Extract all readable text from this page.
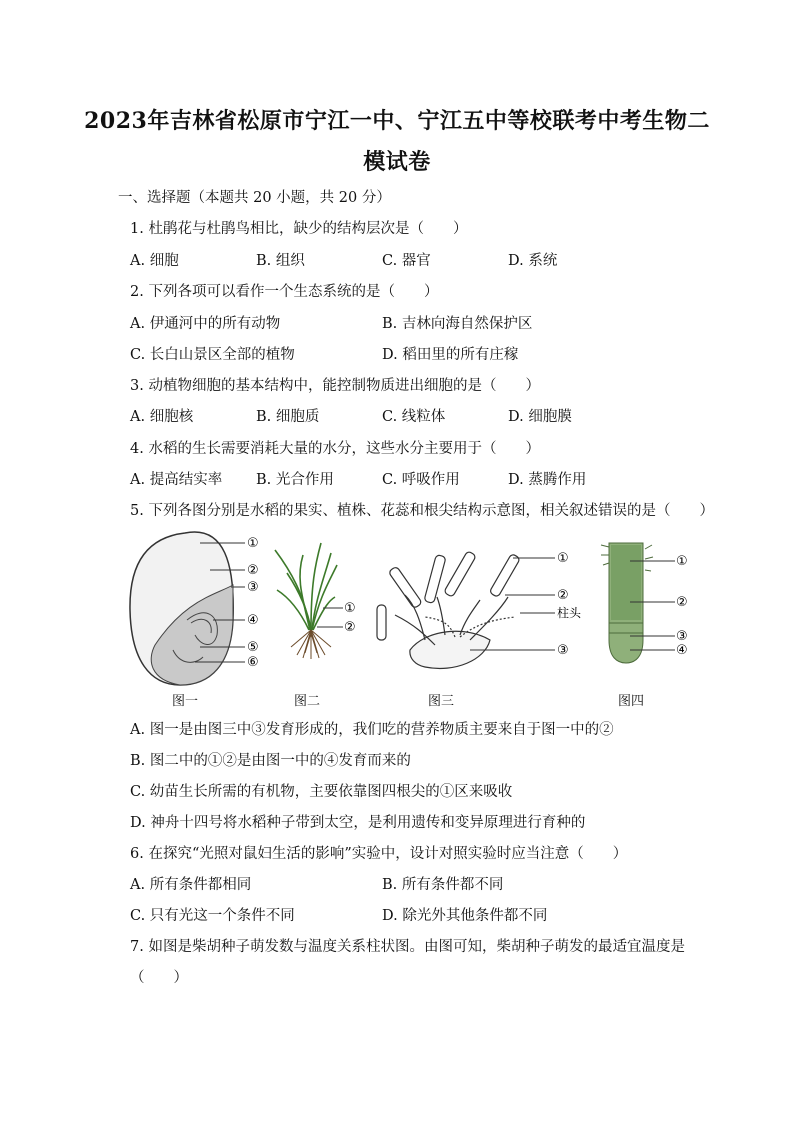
2023年吉林省松原市宁江一中、宁江五中等校联考中考生物二
模试卷
一、选择题（本题共 20 小题，共 20 分）
1. 杜鹃花与杜鹃鸟相比，缺少的结构层次是（　　）
A. 细胞	B. 组织	C. 器官	D. 系统
2. 下列各项可以看作一个生态系统的是（　　）
A. 伊通河中的所有动物	B. 吉林向海自然保护区
C. 长白山景区全部的植物	D. 稻田里的所有庄稼
3. 动植物细胞的基本结构中，能控制物质进出细胞的是（　　）
A. 细胞核	B. 细胞质	C. 线粒体	D. 细胞膜
4. 水稻的生长需要消耗大量的水分，这些水分主要用于（　　）
A. 提高结实率 B. 光合作用	C. 呼吸作用	D. 蒸腾作用
5. 下列各图分别是水稻的果实、植株、花蕊和根尖结构示意图，相关叙述错误的是（　　）
①
②
③
④
⑤
⑥
①
②
①
②
柱头
③
①
②
③
④
图一	图二	图三	图四
A. 图一是由图三中③发育形成的，我们吃的营养物质主要来自于图一中的②
B. 图二中的①②是由图一中的④发育而来的
C. 幼苗生长所需的有机物，主要依靠图四根尖的①区来吸收
D. 神舟十四号将水稻种子带到太空，是利用遗传和变异原理进行育种的
6. 在探究“光照对鼠妇生活的影响”实验中，设计对照实验时应当注意（　　）
A. 所有条件都相同	B. 所有条件都不同
C. 只有光这一个条件不同	D. 除光外其他条件都不同
7. 如图是柴胡种子萌发数与温度关系柱状图。由图可知，柴胡种子萌发的最适宜温度是
（　　）
